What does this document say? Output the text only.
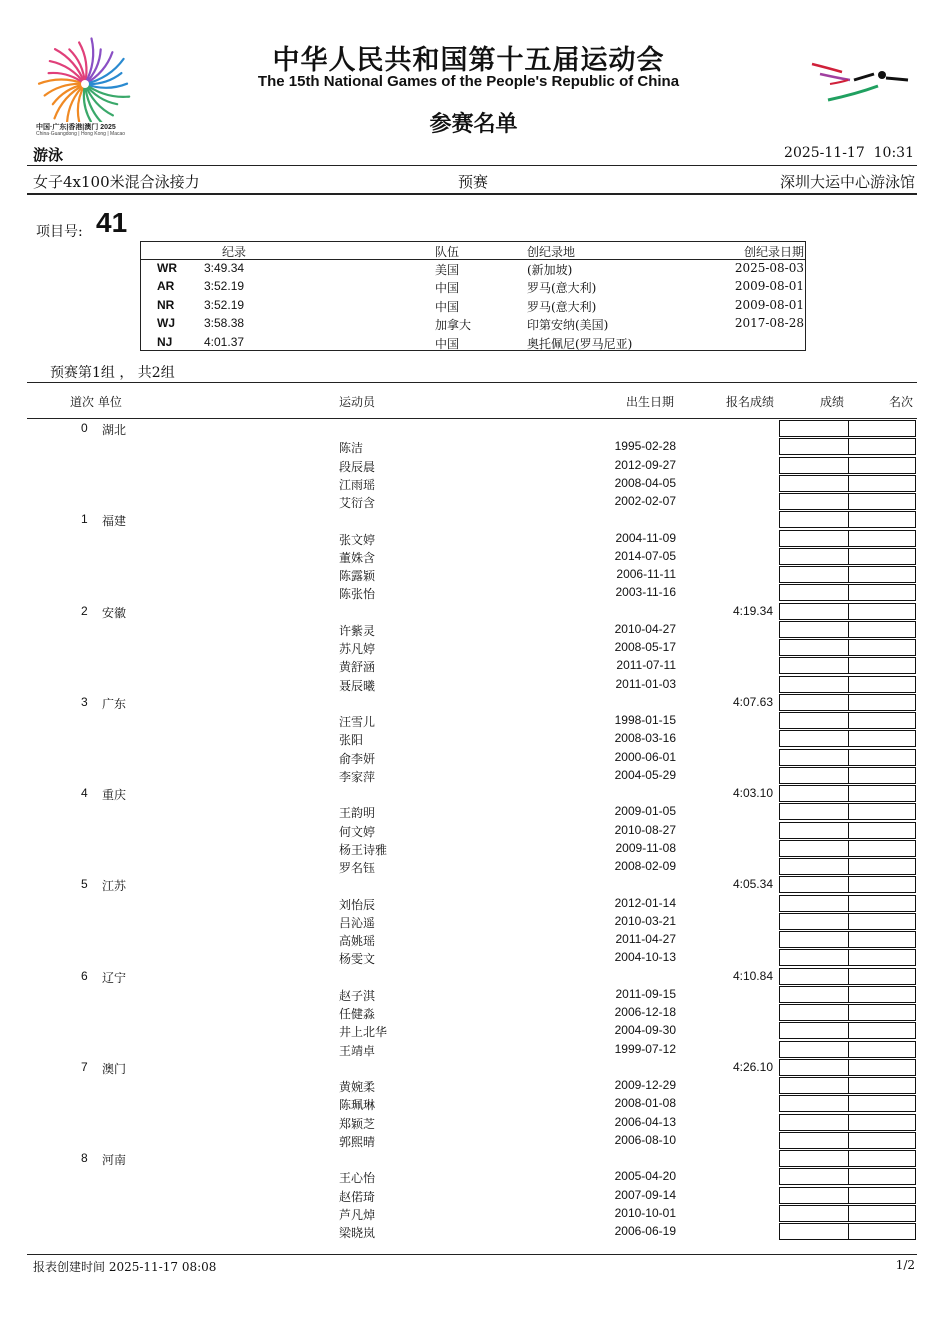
中国·广东|香港|澳门 2025
China·Guangdong | Hong Kong | Macao
中华人民共和国第十五届运动会
The 15th National Games of the People's Republic of China
参赛名单
游泳	2025-11-17  10:31
女子4x100米混合泳接力	预赛	深圳大运中心游泳馆
项目号: 41
纪录	队伍	创纪录地	创纪录日期
WR 3:49.34	美国	(新加坡)	2025-08-03
AR 3:52.19	中国	罗马(意大利)	2009-08-01
NR 3:52.19	中国	罗马(意大利)	2009-08-01
WJ 3:58.38	加拿大	印第安纳(美国)	2017-08-28
NJ	4:01.37	中国	奥托佩尼(罗马尼亚)
预赛第1组 ， 共2组
道次 单位	运动员	出生日期	报名成绩	成绩	名次
0 湖北
陈洁	1995-02-28
段辰晨	2012-09-27
江雨瑶	2008-04-05
艾衍含	2002-02-07
1 福建
张文婷	2004-11-09
董姝含	2014-07-05
陈露颖	2006-11-11
陈张怡	2003-11-16
2 安徽	4:19.34
许紫灵	2010-04-27
苏凡婷	2008-05-17
黄舒涵	2011-07-11
聂辰曦	2011-01-03
3 广东	4:07.63
汪雪儿	1998-01-15
张阳	2008-03-16
俞李妍	2000-06-01
李家萍	2004-05-29
4 重庆	4:03.10
王韵明	2009-01-05
何文婷	2010-08-27
杨王诗雅	2009-11-08
罗名钰	2008-02-09
5 江苏	4:05.34
刘怡辰	2012-01-14
吕沁遥	2010-03-21
高姚瑶	2011-04-27
杨雯文	2004-10-13
6 辽宁	4:10.84
赵子淇	2011-09-15
任健淼	2006-12-18
井上北华	2004-09-30
王靖卓	1999-07-12
7 澳门	4:26.10
黄婉柔	2009-12-29
陈珮琳	2008-01-08
郑颖芝	2006-04-13
郭熙晴	2006-08-10
8 河南
王心怡	2005-04-20
赵偌琦	2007-09-14
芦凡焯	2010-10-01
梁晓岚	2006-06-19
报表创建时间 2025-11-17 08:08	1/2
